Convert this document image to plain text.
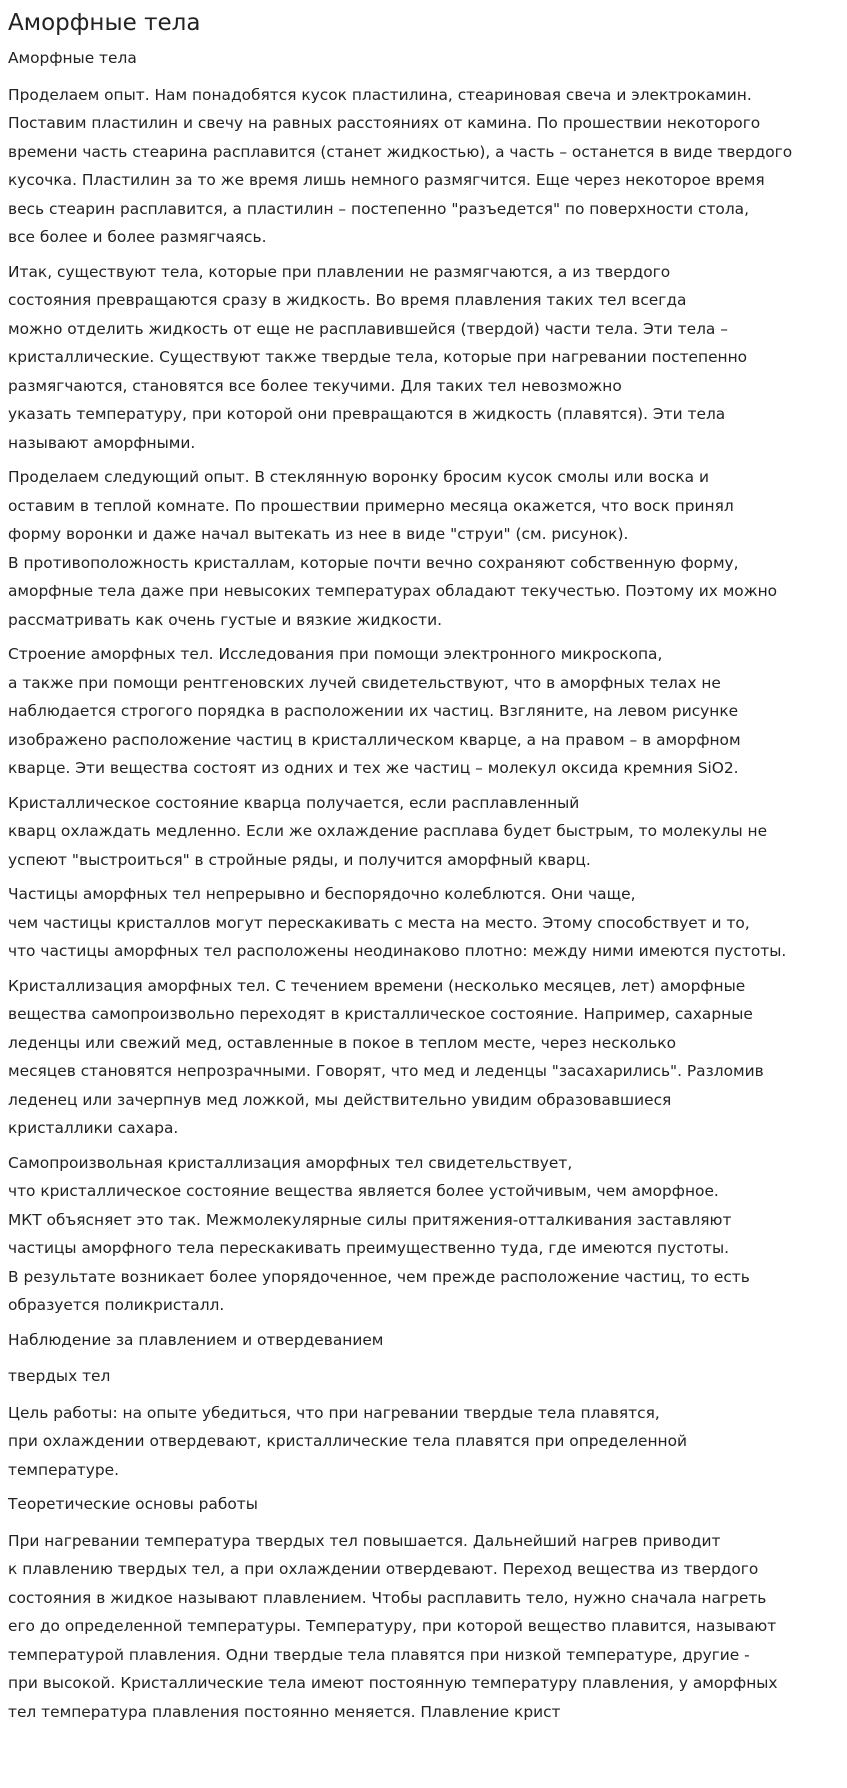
Аморфные тела

Аморфные тела

Проделаем опыт. Нам понадобятся кусок пластилина, стеариновая свеча и электрокамин.
Поставим пластилин и свечу на равных расстояниях от камина. По прошествии некоторого
времени часть стеарина расплавится (станет жидкостью), а часть – останется в виде твердого
кусочка. Пластилин за то же время лишь немного размягчится. Еще через некоторое время
весь стеарин расплавится, а пластилин – постепенно "разъедется" по поверхности стола,
все более и более размягчаясь.

Итак, существуют тела, которые при плавлении не размягчаются, а из твердого
состояния превращаются сразу в жидкость. Во время плавления таких тел всегда
можно отделить жидкость от еще не расплавившейся (твердой) части тела. Эти тела –
кристаллические. Существуют также твердые тела, которые при нагревании постепенно
размягчаются, становятся все более текучими. Для таких тел невозможно
указать температуру, при которой они превращаются в жидкость (плавятся). Эти тела
называют аморфными.

Проделаем следующий опыт. В стеклянную воронку бросим кусок смолы или воска и
оставим в теплой комнате. По прошествии примерно месяца окажется, что воск принял
форму воронки и даже начал вытекать из нее в виде "струи" (см. рисунок).
В противоположность кристаллам, которые почти вечно сохраняют собственную форму,
аморфные тела даже при невысоких температурах обладают текучестью. Поэтому их можно
рассматривать как очень густые и вязкие жидкости.

Строение аморфных тел. Исследования при помощи электронного микроскопа,
а также при помощи рентгеновских лучей свидетельствуют, что в аморфных телах не
наблюдается строгого порядка в расположении их частиц. Взгляните, на левом рисунке
изображено расположение частиц в кристаллическом кварце, а на правом – в аморфном
кварце. Эти вещества состоят из одних и тех же частиц – молекул оксида кремния SiO2.

Кристаллическое состояние кварца получается, если расплавленный
кварц охлаждать медленно. Если же охлаждение расплава будет быстрым, то молекулы не
успеют "выстроиться" в стройные ряды, и получится аморфный кварц.

Частицы аморфных тел непрерывно и беспорядочно колеблются. Они чаще,
чем частицы кристаллов могут перескакивать с места на место. Этому способствует и то,
что частицы аморфных тел расположены неодинаково плотно: между ними имеются пустоты.

Кристаллизация аморфных тел. С течением времени (несколько месяцев, лет) аморфные
вещества самопроизвольно переходят в кристаллическое состояние. Например, сахарные
леденцы или свежий мед, оставленные в покое в теплом месте, через несколько
месяцев становятся непрозрачными. Говорят, что мед и леденцы "засахарились". Разломив
леденец или зачерпнув мед ложкой, мы действительно увидим образовавшиеся
кристаллики сахара.

Самопроизвольная кристаллизация аморфных тел свидетельствует,
что кристаллическое состояние вещества является более устойчивым, чем аморфное.
МКТ объясняет это так. Межмолекулярные силы притяжения-отталкивания заставляют
частицы аморфного тела перескакивать преимущественно туда, где имеются пустоты.
В результате возникает более упорядоченное, чем прежде расположение частиц, то есть
образуется поликристалл.

Наблюдение за плавлением и отвердеванием

твердых тел

Цель работы: на опыте убедиться, что при нагревании твердые тела плавятся,
при охлаждении отвердевают, кристаллические тела плавятся при определенной
температуре.

Теоретические основы работы

При нагревании температура твердых тел повышается. Дальнейший нагрев приводит
к плавлению твердых тел, а при охлаждении отвердевают. Переход вещества из твердого
состояния в жидкое называют плавлением. Чтобы расплавить тело, нужно сначала нагреть
его до определенной температуры. Температуру, при которой вещество плавится, называют
температурой плавления. Одни твердые тела плавятся при низкой температуре, другие -
при высокой. Кристаллические тела имеют постоянную температуру плавления, у аморфных
тел температура плавления постоянно меняется. Плавление крист
